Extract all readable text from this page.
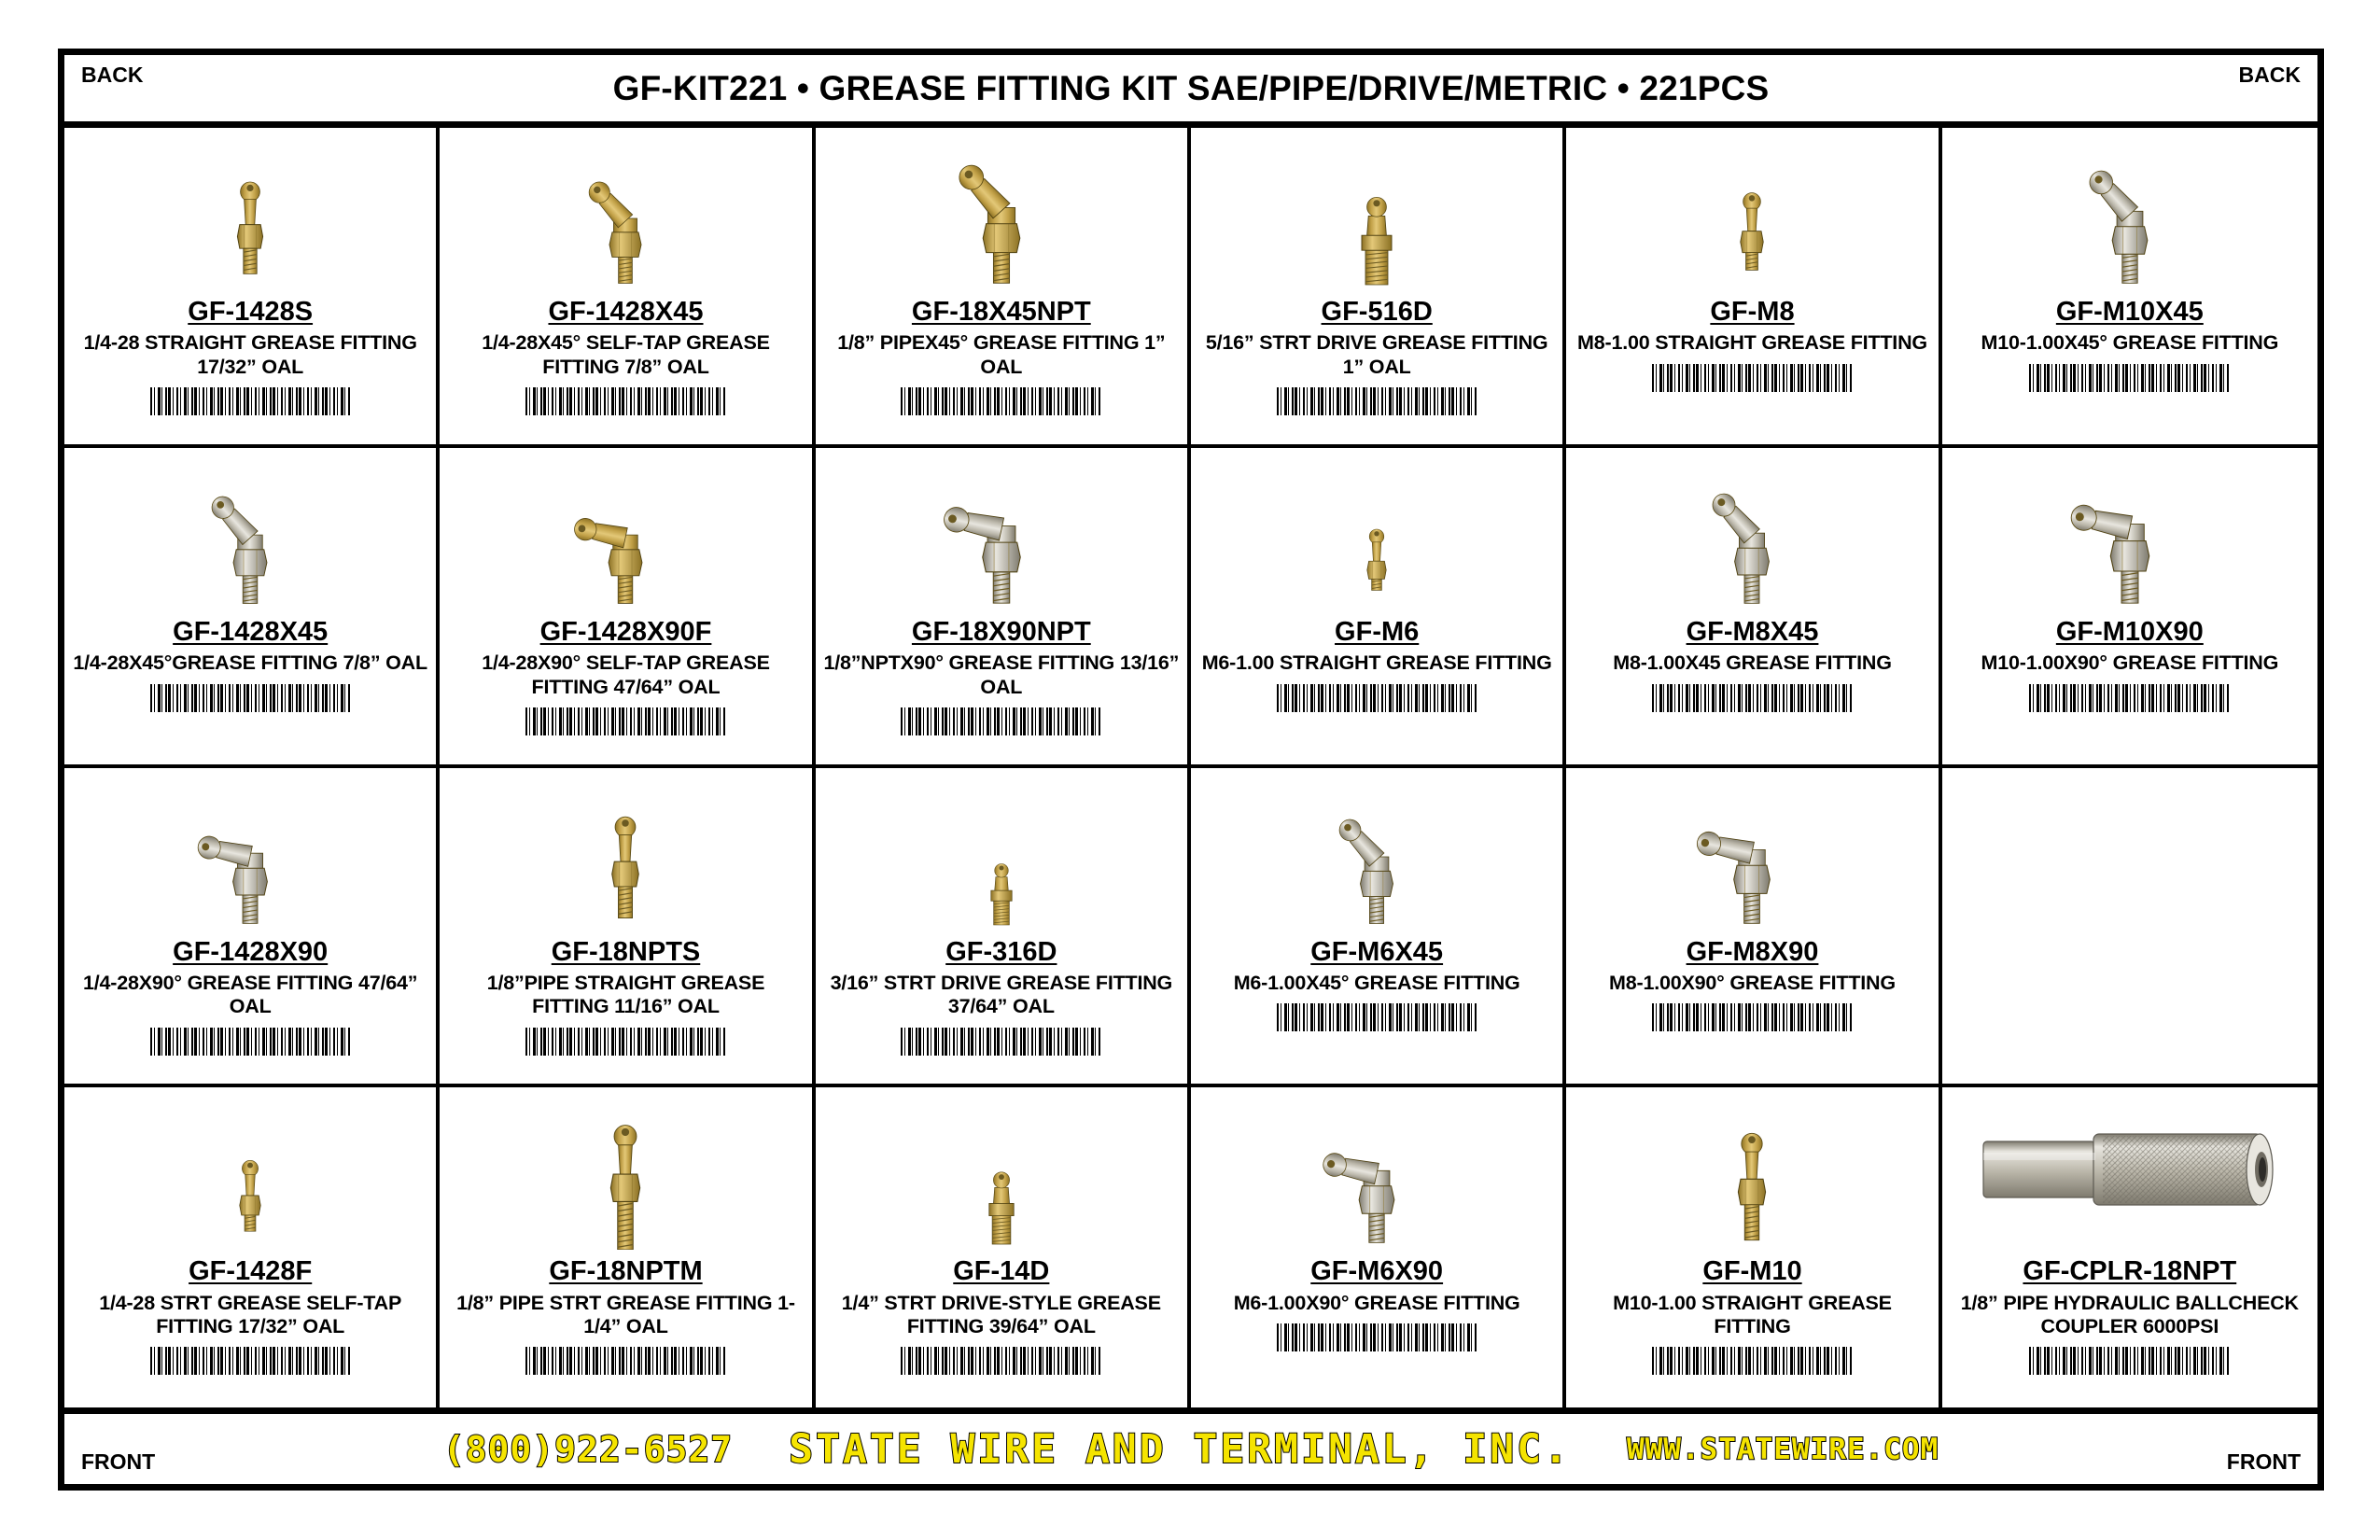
BACK	GF-KIT221 • GREASE FITTING KIT SAE/PIPE/DRIVE/METRIC • 221PCS	BACK
GF-1428S
1/4-28 STRAIGHT GREASE FITTING 17/32” OAL
GF-1428X45
1/4-28X45° SELF-TAP GREASE FITTING 7/8” OAL
GF-18X45NPT
1/8” PIPEX45° GREASE FITTING 1” OAL
GF-516D
5/16” STRT DRIVE GREASE FITTING 1” OAL
GF-M8
M8-1.00 STRAIGHT GREASE FITTING
GF-M10X45
M10-1.00X45° GREASE FITTING
GF-1428X45
1/4-28X45°GREASE FITTING 7/8” OAL
GF-1428X90F
1/4-28X90° SELF-TAP GREASE FITTING 47/64” OAL
GF-18X90NPT
1/8”NPTX90° GREASE FITTING 13/16” OAL
GF-M6
M6-1.00 STRAIGHT GREASE FITTING
GF-M8X45
M8-1.00X45 GREASE FITTING
GF-M10X90
M10-1.00X90° GREASE FITTING
GF-1428X90
1/4-28X90° GREASE FITTING 47/64” OAL
GF-18NPTS
1/8”PIPE STRAIGHT GREASE FITTING 11/16” OAL
GF-316D
3/16” STRT DRIVE GREASE FITTING 37/64” OAL
GF-M6X45
M6-1.00X45° GREASE FITTING
GF-M8X90
M8-1.00X90° GREASE FITTING
GF-1428F
1/4-28 STRT GREASE SELF-TAP FITTING 17/32” OAL
GF-18NPTM
1/8” PIPE STRT GREASE FITTING 1-1/4” OAL
GF-14D
1/4” STRT DRIVE-STYLE GREASE FITTING 39/64” OAL
GF-M6X90
M6-1.00X90° GREASE FITTING
GF-M10
M10-1.00 STRAIGHT GREASE FITTING
GF-CPLR-18NPT
1/8” PIPE HYDRAULIC BALLCHECK COUPLER 6000PSI
FRONT	(800)922-6527 STATE WIRE AND TERMINAL, INC. WWW.STATEWIRE.COM	FRONT
